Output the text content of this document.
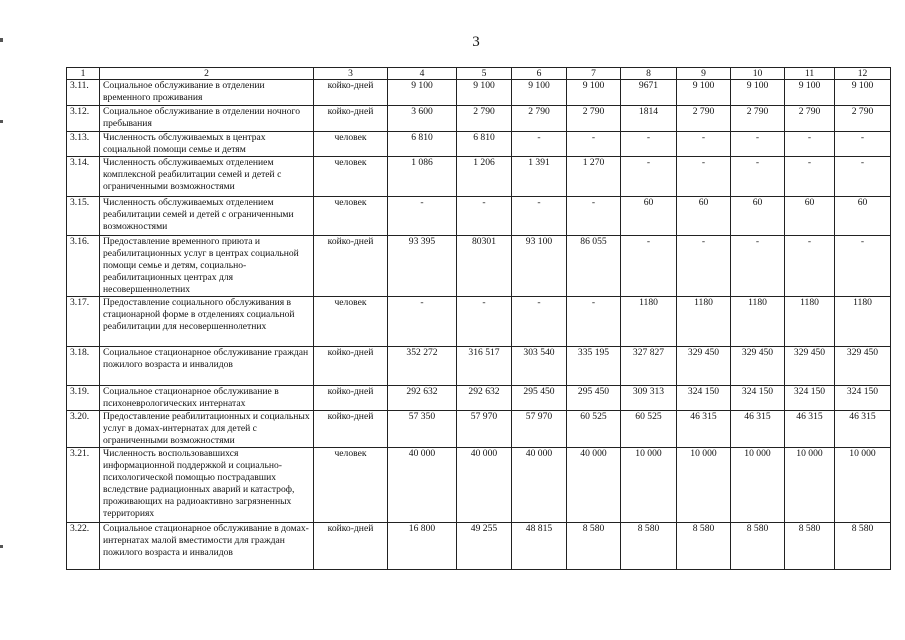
3
1	2	3	4	5	6	7	8	9	10	11	12
3.11.	Социальное обслуживание в отделении временного проживания	койко-дней	9 100	9 100	9 100	9 100	9671	9 100	9 100	9 100	9 100
3.12.	Социальное обслуживание в отделении ночного пребывания	койко-дней	3 600	2 790	2 790	2 790	1814	2 790	2 790	2 790	2 790
3.13.	Численность обслуживаемых в центрах социальной помощи семье и детям	человек	6 810	6 810	-	-	-	-	-	-	-
3.14.	Численность обслуживаемых отделением комплексной реабилитации семей и детей с ограниченными возможностями	человек	1 086	1 206	1 391	1 270	-	-	-	-	-
3.15.	Численность обслуживаемых отделением реабилитации семей и детей с ограниченными возможностями	человек	-	-	-	-	60	60	60	60	60
3.16.	Предоставление временного приюта и реабилитационных услуг в центрах социальной помощи семье и детям, социально-реабилитационных центрах для несовершеннолетних	койко-дней	93 395	80301	93 100	86 055	-	-	-	-	-
3.17.	Предоставление социального обслуживания в стационарной форме в отделениях социальной реабилитации для несовершеннолетних	человек	-	-	-	-	1180	1180	1180	1180	1180
3.18.	Социальное стационарное обслуживание граждан пожилого возраста и инвалидов	койко-дней	352 272	316 517	303 540	335 195	327 827	329 450	329 450	329 450	329 450
3.19.	Социальное стационарное обслуживание в психоневрологических интернатах	койко-дней	292 632	292 632	295 450	295 450	309 313	324 150	324 150	324 150	324 150
3.20.	Предоставление реабилитационных и социальных услуг в домах-интернатах для детей с ограниченными возможностями	койко-дней	57 350	57 970	57 970	60 525	60 525	46 315	46 315	46 315	46 315
3.21.	Численность воспользовавшихся информационной поддержкой и социально-психологической помощью пострадавших вследствие радиационных аварий и катастроф, проживающих на радиоактивно загрязненных территориях	человек	40 000	40 000	40 000	40 000	10 000	10 000	10 000	10 000	10 000
3.22.	Социальное стационарное обслуживание в домах-интернатах малой вместимости для граждан пожилого возраста и инвалидов	койко-дней	16 800	49 255	48 815	8 580	8 580	8 580	8 580	8 580	8 580
